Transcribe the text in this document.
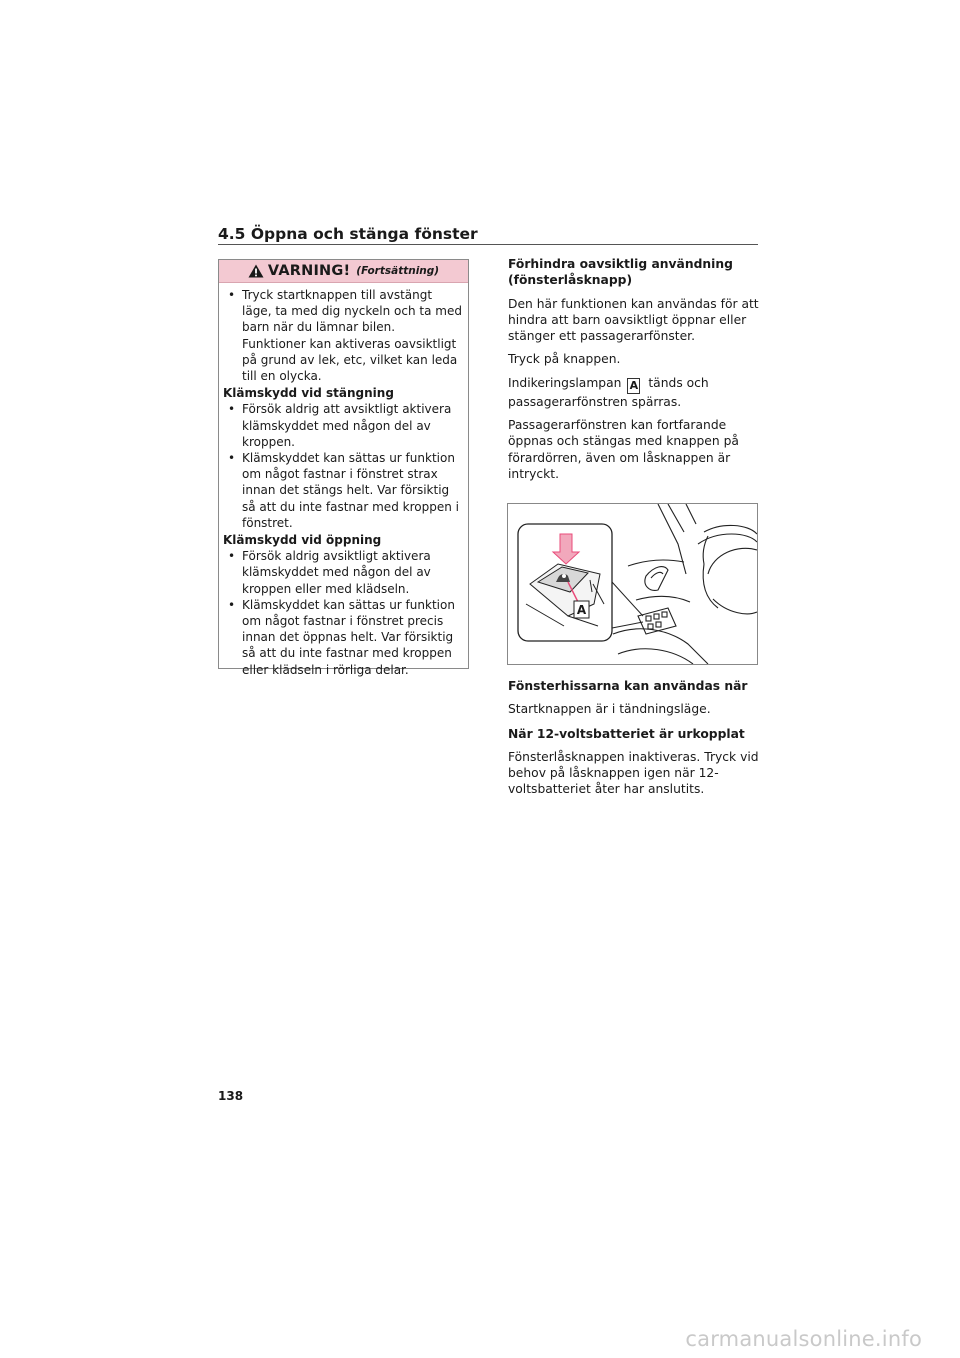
4.5 Öppna och stänga fönster
VARNING! (Fortsättning)

• Tryck startknappen till avstängt läge, ta med dig nyckeln och ta med barn när du lämnar bilen. Funktioner kan aktiveras oavsiktligt på grund av lek, etc, vilket kan leda till en olycka.

Klämskydd vid stängning

• Försök aldrig att avsiktligt aktivera klämskyddet med någon del av kroppen.

• Klämskyddet kan sättas ur funktion om något fastnar i fönstret strax innan det stängs helt. Var försiktig så att du inte fastnar med kroppen i fönstret.

Klämskydd vid öppning

• Försök aldrig avsiktligt aktivera klämskyddet med någon del av kroppen eller med klädseln.

• Klämskyddet kan sättas ur funktion om något fastnar i fönstret precis innan det öppnas helt. Var försiktig så att du inte fastnar med kroppen eller klädseln i rörliga delar.

Förhindra oavsiktlig användning (fönsterlåsknapp)
Den här funktionen kan användas för att hindra att barn oavsiktligt öppnar eller stänger ett passagerarfönster.
Tryck på knappen.
Indikeringslampan A tänds och passagerarfönstren spärras.
Passagerarfönstren kan fortfarande öppnas och stängas med knappen på förardörren, även om låsknappen är intryckt.
A
Fönsterhissarna kan användas när
Startknappen är i tändningsläge.
När 12-voltsbatteriet är urkopplat
Fönsterlåsknappen inaktiveras. Tryck vid behov på låsknappen igen när 12-voltsbatteriet åter har anslutits.
138
carmanualsonline.info
